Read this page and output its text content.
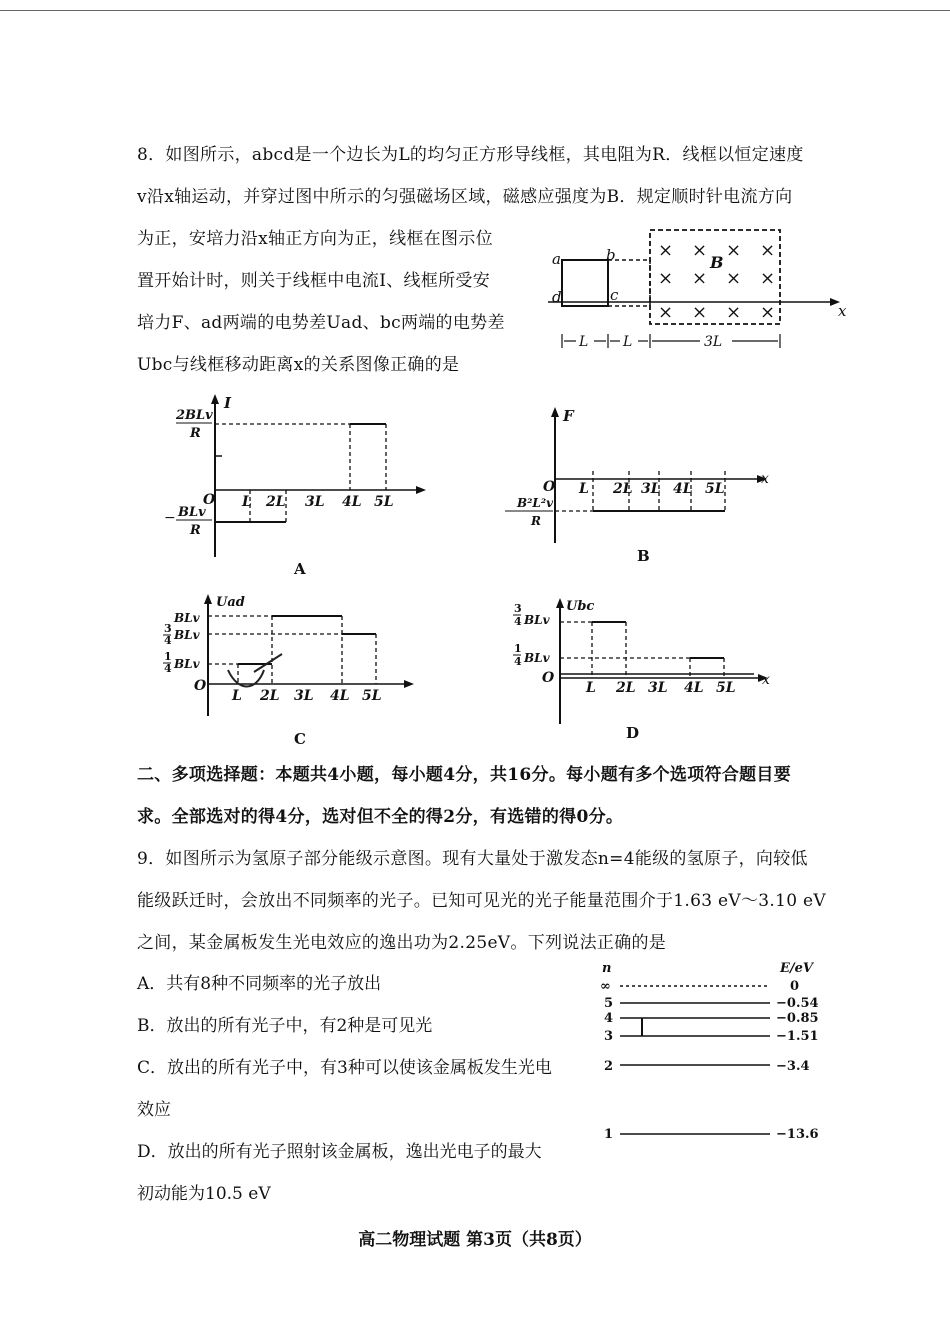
8．如图所示，abcd是一个边长为L的均匀正方形导线框，其电阻为R．线框以恒定速度
v沿x轴运动，并穿过图中所示的匀强磁场区域，磁感应强度为B．规定顺时针电流方向

为正，安培力沿x轴正方向为正，线框在图示位
置开始计时，则关于线框中电流I、线框所受安
培力F、ad两端的电势差Uad、bc两端的电势差
Ubc与线框移动距离x的关系图像正确的是

a	b
c
d
B
x
× × × ×
× × × ×
× × × ×
L L	3L
I
O
2BLv
R
− BLv
R
L 2L 3L 4L 5L
A
F
x
O
B²L²v
R
L 2L 3L 4L 5L
B
Uad
O
BLv
3
4 BLv
1
4 BLv
L 2L 3L 4L 5L
C
Ubc
x
O
3
4 BLv
1
4 BLv
L 2L 3L 4L 5L
D

二、多项选择题：本题共4小题，每小题4分，共16分。每小题有多个选项符合题目要
求。全部选对的得4分，选对但不全的得2分，有选错的得0分。

9．如图所示为氢原子部分能级示意图。现有大量处于激发态n=4能级的氢原子，向较低
能级跃迁时，会放出不同频率的光子。已知可见光的光子能量范围介于1.63 eV～3.10 eV
之间，某金属板发生光电效应的逸出功为2.25eV。下列说法正确的是

A．共有8种不同频率的光子放出

B．放出的所有光子中，有2种是可见光

C．放出的所有光子中，有3种可以使该金属板发生光电

效应

D．放出的所有光子照射该金属板，逸出光电子的最大

初动能为10.5 eV

n	E/eV
∞	0
5	−0.54
4	−0.85
3	−1.51
2	−3.4
1	−13.6
高二物理试题 第3页（共8页）
